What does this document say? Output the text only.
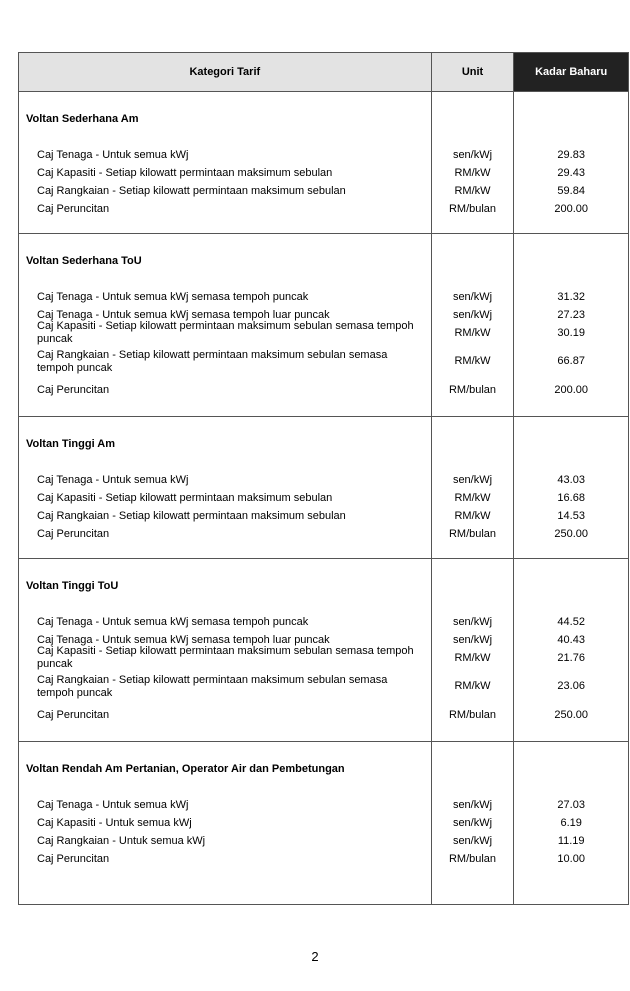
Kategori Tarif	Unit	Kadar Baharu
Voltan Sederhana Am
Caj Tenaga - Untuk semua kWj
Caj Kapasiti - Setiap kilowatt permintaan maksimum sebulan
Caj Rangkaian - Setiap kilowatt permintaan maksimum sebulan
Caj Peruncitan
sen/kWj
RM/kW
RM/kW
RM/bulan
29.83
29.43
59.84
200.00
Voltan Sederhana ToU
Caj Tenaga - Untuk semua kWj semasa tempoh puncak
Caj Tenaga - Untuk semua kWj semasa tempoh luar puncak
Caj Kapasiti - Setiap kilowatt permintaan maksimum sebulan semasa tempoh puncak
Caj Rangkaian - Setiap kilowatt permintaan maksimum sebulan semasa tempoh puncak
Caj Peruncitan
sen/kWj
sen/kWj
RM/kW
RM/kW
RM/bulan
31.32
27.23
30.19
66.87
200.00
Voltan Tinggi Am
Caj Tenaga - Untuk semua kWj
Caj Kapasiti - Setiap kilowatt permintaan maksimum sebulan
Caj Rangkaian - Setiap kilowatt permintaan maksimum sebulan
Caj Peruncitan
sen/kWj
RM/kW
RM/kW
RM/bulan
43.03
16.68
14.53
250.00
Voltan Tinggi ToU
Caj Tenaga - Untuk semua kWj semasa tempoh puncak
Caj Tenaga - Untuk semua kWj semasa tempoh luar puncak
Caj Kapasiti - Setiap kilowatt permintaan maksimum sebulan semasa tempoh puncak
Caj Rangkaian - Setiap kilowatt permintaan maksimum sebulan semasa tempoh puncak
Caj Peruncitan
sen/kWj
sen/kWj
RM/kW
RM/kW
RM/bulan
44.52
40.43
21.76
23.06
250.00
Voltan Rendah Am Pertanian, Operator Air dan Pembetungan
Caj Tenaga - Untuk semua kWj
Caj Kapasiti - Untuk semua kWj
Caj Rangkaian - Untuk semua kWj
Caj Peruncitan
sen/kWj
sen/kWj
sen/kWj
RM/bulan
27.03
6.19
11.19
10.00
2
